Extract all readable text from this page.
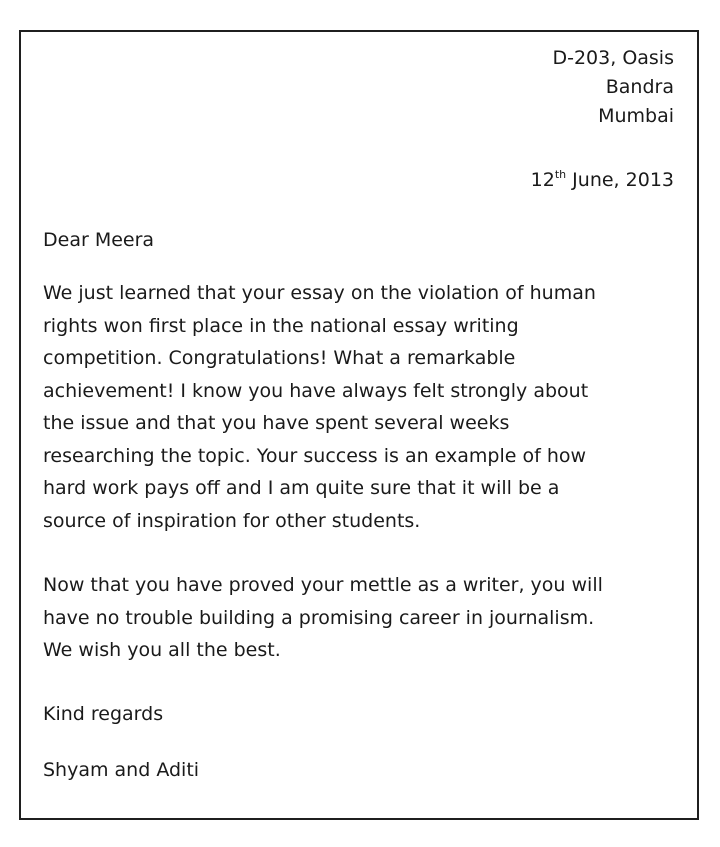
D-203, Oasis
Bandra
Mumbai
12th June, 2013

Dear Meera

We just learned that your essay on the violation of human
rights won first place in the national essay writing
competition. Congratulations! What a remarkable
achievement! I know you have always felt strongly about
the issue and that you have spent several weeks
researching the topic. Your success is an example of how
hard work pays off and I am quite sure that it will be a
source of inspiration for other students.

Now that you have proved your mettle as a writer, you will
have no trouble building a promising career in journalism.
We wish you all the best.

Kind regards

Shyam and Aditi
